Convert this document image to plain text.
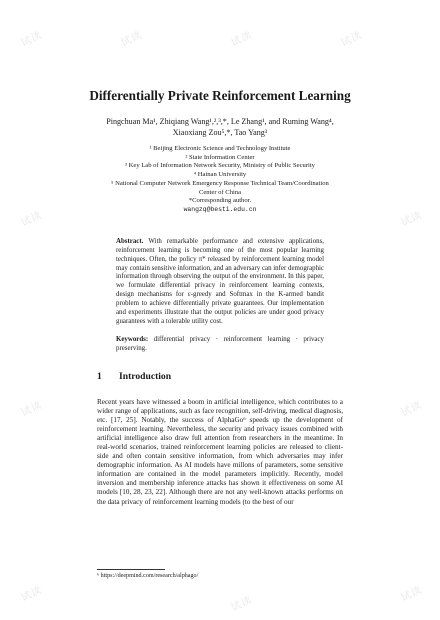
试读	试读	试读	试读
试读	试读
试读	试读
试读
试读
试读
Differentially Private Reinforcement Learning
Pingchuan Ma¹, Zhiqiang Wang¹,²,³,*, Le Zhang¹, and Ruming Wang⁴,
Xiaoxiang Zou⁵,*, Tao Yang³
¹ Beijing Electronic Science and Technology Institute
² State Information Center
³ Key Lab of Information Network Security, Ministry of Public Security
⁴ Hainan University
⁵ National Computer Network Emergency Response Technical Team/Coordination
Center of China
*Corresponding author.
wangzq@besti.edu.cn
Abstract. With remarkable performance and extensive applications, reinforcement learning is becoming one of the most popular learning techniques. Often, the policy π* released by reinforcement learning model may contain sensitive information, and an adversary can infer demographic information through observing the output of the environment. In this paper, we formulate differential privacy in reinforcement learning contexts, design mechanisms for ε-greedy and Softmax in the K-armed bandit problem to achieve differentially private guarantees. Our implementation and experiments illustrate that the output policies are under good privacy guarantees with a tolerable utility cost.
Keywords: differential privacy · reinforcement learning · privacy preserving.
1 Introduction
Recent years have witnessed a boom in artificial intelligence, which contributes to a wider range of applications, such as face recognition, self-driving, medical diagnosis, etc. [17, 25]. Notably, the success of AlphaGo⁶ speeds up the development of reinforcement learning. Nevertheless, the security and privacy issues combined with artificial intelligence also draw full attention from researchers in the meantime. In real-world scenarios, trained reinforcement learning policies are released to client-side and often contain sensitive information, from which adversaries may infer demographic information. As AI models have millons of parameters, some sensitive information are contained in the model parameters implicitly. Recently, model inversion and membership inference attacks has shown it effectiveness on some AI models [10, 28, 23, 22]. Although there are not any well-known attacks performs on the data privacy of reinforcement learning models (to the best of our
⁶ https://deepmind.com/research/alphago/
